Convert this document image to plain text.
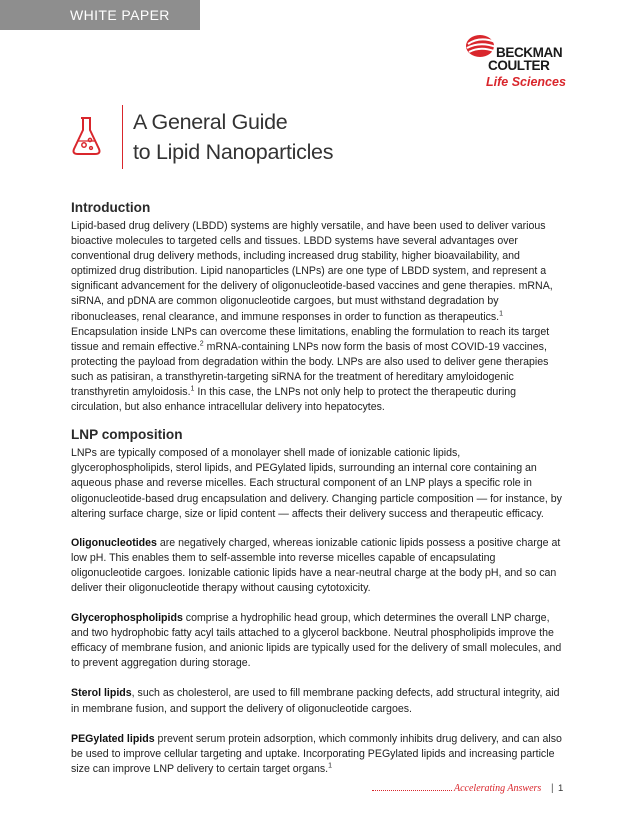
WHITE PAPER
BECKMAN
COULTER
Life Sciences
A General Guide
to Lipid Nanoparticles
Introduction

Lipid-based drug delivery (LBDD) systems are highly versatile, and have been used to deliver various bioactive molecules to targeted cells and tissues. LBDD systems have several advantages over conventional drug delivery methods, including increased drug stability, higher bioavailability, and optimized drug distribution. Lipid nanoparticles (LNPs) are one type of LBDD system, and represent a significant advancement for the delivery of oligonucleotide-based vaccines and gene therapies. mRNA, siRNA, and pDNA are common oligonucleotide cargoes, but must withstand degradation by ribonucleases, renal clearance, and immune responses in order to function as therapeutics.$^1$ Encapsulation inside LNPs can overcome these limitations, enabling the formulation to reach its target tissue and remain effective.$^2$ mRNA-containing LNPs now form the basis of most COVID-19 vaccines, protecting the payload from degradation within the body. LNPs are also used to deliver gene therapies such as patisiran, a transthyretin-targeting siRNA for the treatment of hereditary amyloidogenic transthyretin amyloidosis.$^1$ In this case, the LNPs not only help to protect the therapeutic during circulation, but also enhance intracellular delivery into hepatocytes.

LNP composition

LNPs are typically composed of a monolayer shell made of ionizable cationic lipids, glycerophospholipids, sterol lipids, and PEGylated lipids, surrounding an internal core containing an aqueous phase and reverse micelles. Each structural component of an LNP plays a specific role in oligonucleotide-based drug encapsulation and delivery. Changing particle composition — for instance, by altering surface charge, size or lipid content — affects their delivery success and therapeutic efficacy.

Oligonucleotides are negatively charged, whereas ionizable cationic lipids possess a positive charge at low pH. This enables them to self-assemble into reverse micelles capable of encapsulating oligonucleotide cargoes. Ionizable cationic lipids have a near-neutral charge at the body pH, and so can deliver their oligonucleotide therapy without causing cytotoxicity.

Glycerophospholipids comprise a hydrophilic head group, which determines the overall LNP charge, and two hydrophobic fatty acyl tails attached to a glycerol backbone. Neutral phospholipids improve the efficacy of membrane fusion, and anionic lipids are typically used for the delivery of small molecules, and to prevent aggregation during storage.

Sterol lipids, such as cholesterol, are used to fill membrane packing defects, add structural integrity, aid in membrane fusion, and support the delivery of oligonucleotide cargoes.

PEGylated lipids prevent serum protein adsorption, which commonly inhibits drug delivery, and can also be used to improve cellular targeting and uptake. Incorporating PEGylated lipids and increasing particle size can improve LNP delivery to certain target organs.$^1$

Accelerating Answers | 1
